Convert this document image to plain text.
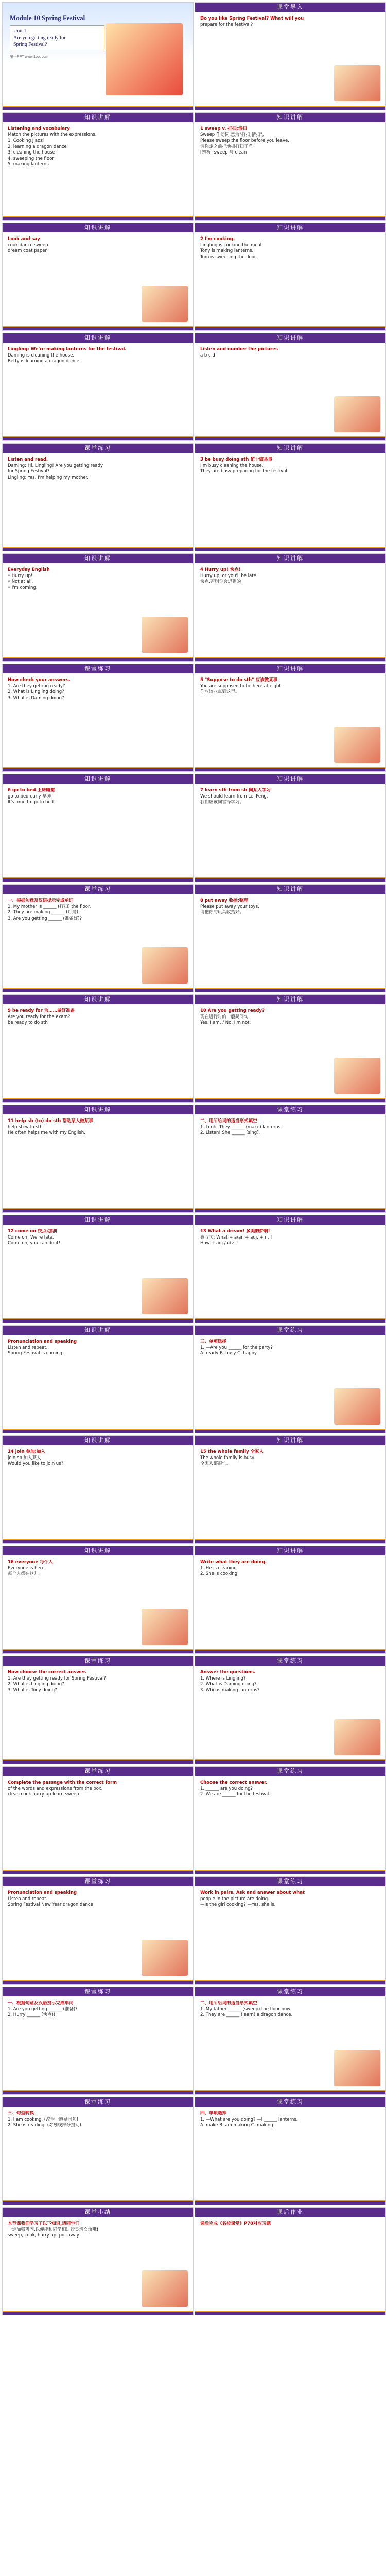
Module 10 Spring Festival
Unit 1
Are you getting ready for
Spring Festival?
第一PPT www.1ppt.com
课堂导入
Do you like Spring Festival? What will you
prepare for the festival?
知识讲解
Listening and vocabulary
Match the pictures with the expressions.
1. Cooking Jiaozi
2. learning a dragon dance
3. cleaning the house
4. sweeping the floor
5. making lanterns
知识讲解
1 sweep v. 打扫;清扫
Sweep 作动词,意为"打扫;清扫",
Please sweep the floor before you leave.
请你走之前把地板打扫干净。
[辨析] sweep 与 clean
知识讲解
Look and say
cook dance sweep
dream coat paper
知识讲解
2 I'm cooking.
Lingling is cooking the meal.
Tony is making lanterns.
Tom is sweeping the floor.
知识讲解
Lingling: We're making lanterns for the festival.
Daming is cleaning the house.
Betty is learning a dragon dance.
知识讲解
Listen and number the pictures
a b c d
课堂练习
Listen and read.
Daming: Hi, Lingling! Are you getting ready
for Spring Festival?
Lingling: Yes, I'm helping my mother.
知识讲解
3 be busy doing sth 忙于做某事
I'm busy cleaning the house.
They are busy preparing for the festival.
知识讲解
Everyday English
• Hurry up!
• Not at all.
• I'm coming.
知识讲解
4 Hurry up! 快点!
Hurry up, or you'll be late.
快点,否则你会迟到的。
课堂练习
Now check your answers.
1. Are they getting ready?
2. What is Lingling doing?
3. What is Daming doing?
知识讲解
5 "Suppose to do sth" 应该做某事
You are supposed to be here at eight.
你应该八点到这里。
知识讲解
6 go to bed 上床睡觉
go to bed early 早睡
It's time to go to bed.
知识讲解
7 learn sth from sb 向某人学习
We should learn from Lei Feng.
我们应该向雷锋学习。
课堂练习
一、根据句意及汉语提示完成单词
1. My mother is ______ (打扫) the floor.
2. They are making ______ (灯笼).
3. Are you getting ______ (准备好)?
知识讲解
8 put away 收拾;整理
Please put away your toys.
请把你的玩具收拾好。
知识讲解
9 be ready for 为……做好准备
Are you ready for the exam?
be ready to do sth
知识讲解
10 Are you getting ready?
现在进行时的一般疑问句
Yes, I am. / No, I'm not.
知识讲解
11 help sb (to) do sth 帮助某人做某事
help sb with sth
He often helps me with my English.
课堂练习
二、用所给词的适当形式填空
1. Look! They ______ (make) lanterns.
2. Listen! She ______ (sing).
知识讲解
12 come on 快点;加油
Come on! We're late.
Come on, you can do it!
知识讲解
13 What a dream! 多美的梦啊!
感叹句: What + a/an + adj. + n. !
How + adj./adv. !
知识讲解
Pronunciation and speaking
Listen and repeat.
Spring Festival is coming.
课堂练习
三、单项选择
1. —Are you ______ for the party?
A. ready B. busy C. happy
知识讲解
14 join 参加;加入
join sb 加入某人
Would you like to join us?
知识讲解
15 the whole family 全家人
The whole family is busy.
全家人都很忙。
知识讲解
16 everyone 每个人
Everyone is here.
每个人都在这儿。
知识讲解
Write what they are doing.
1. He is cleaning.
2. She is cooking.
课堂练习
Now choose the correct answer.
1. Are they getting ready for Spring Festival?
2. What is Lingling doing?
3. What is Tony doing?
课堂练习
Answer the questions.
1. Where is Lingling?
2. What is Daming doing?
3. Who is making lanterns?
课堂练习
Complete the passage with the correct form
of the words and expressions from the box.
clean cook hurry up learn sweep
课堂练习
Choose the correct answer.
1. ______ are you doing?
2. We are ______ for the festival.
课堂练习
Pronunciation and speaking
Listen and repeat.
Spring Festival New Year dragon dance
课堂练习
Work in pairs. Ask and answer about what
people in the picture are doing.
—Is the girl cooking? —Yes, she is.
课堂练习
一、根据句意及汉语提示完成单词
1. Are you getting ______ (准备)?
2. Hurry ______ (快点)!
课堂练习
二、用所给词的适当形式填空
1. My father ______ (sweep) the floor now.
2. They are ______ (learn) a dragon dance.
课堂练习
三、句型转换
1. I am cooking. (改为一般疑问句)
2. She is reading. (对划线部分提问)
课堂练习
四、单项选择
1. —What are you doing? —I ______ lanterns.
A. make B. am making C. making
课堂小结
本节课我们学习了以下知识,请同学们
一定加强巩固,以便能和同学们进行灵活交流哦!
sweep, cook, hurry up, put away
课后作业
课后完成《名校课堂》P70对应习题
